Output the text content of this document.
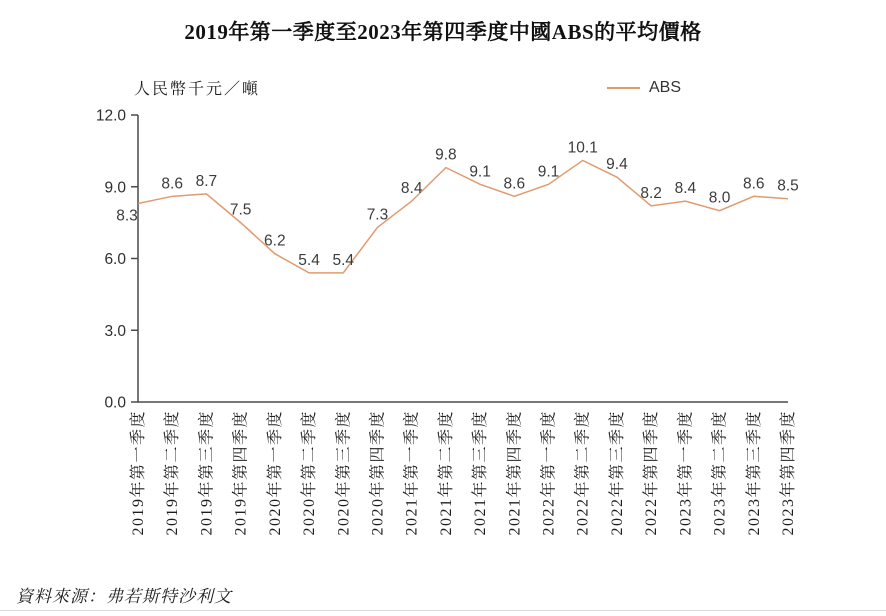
2019年第一季度至2023年第四季度中國ABS的平均價格
人民幣千元／噸	ABS
0.0
3.0
6.0
9.0
12.0
8.3
8.6 8.7
7.5
6.2
5.4 5.4
7.3
8.4
9.8
9.1
8.6
9.1
10.1
9.4
8.2 8.4
8.0
8.6 8.5
2019年第一季度 2019年第二季度 2019年第三季度 2019年第四季度 2020年第一季度 2020年第二季度 2020年第三季度 2020年第四季度 2021年第一季度 2021年第二季度 2021年第三季度 2021年第四季度 2022年第一季度 2022年第二季度 2022年第三季度 2022年第四季度 2023年第一季度 2023年第二季度 2023年第三季度 2023年第四季度
資料來源：弗若斯特沙利文
